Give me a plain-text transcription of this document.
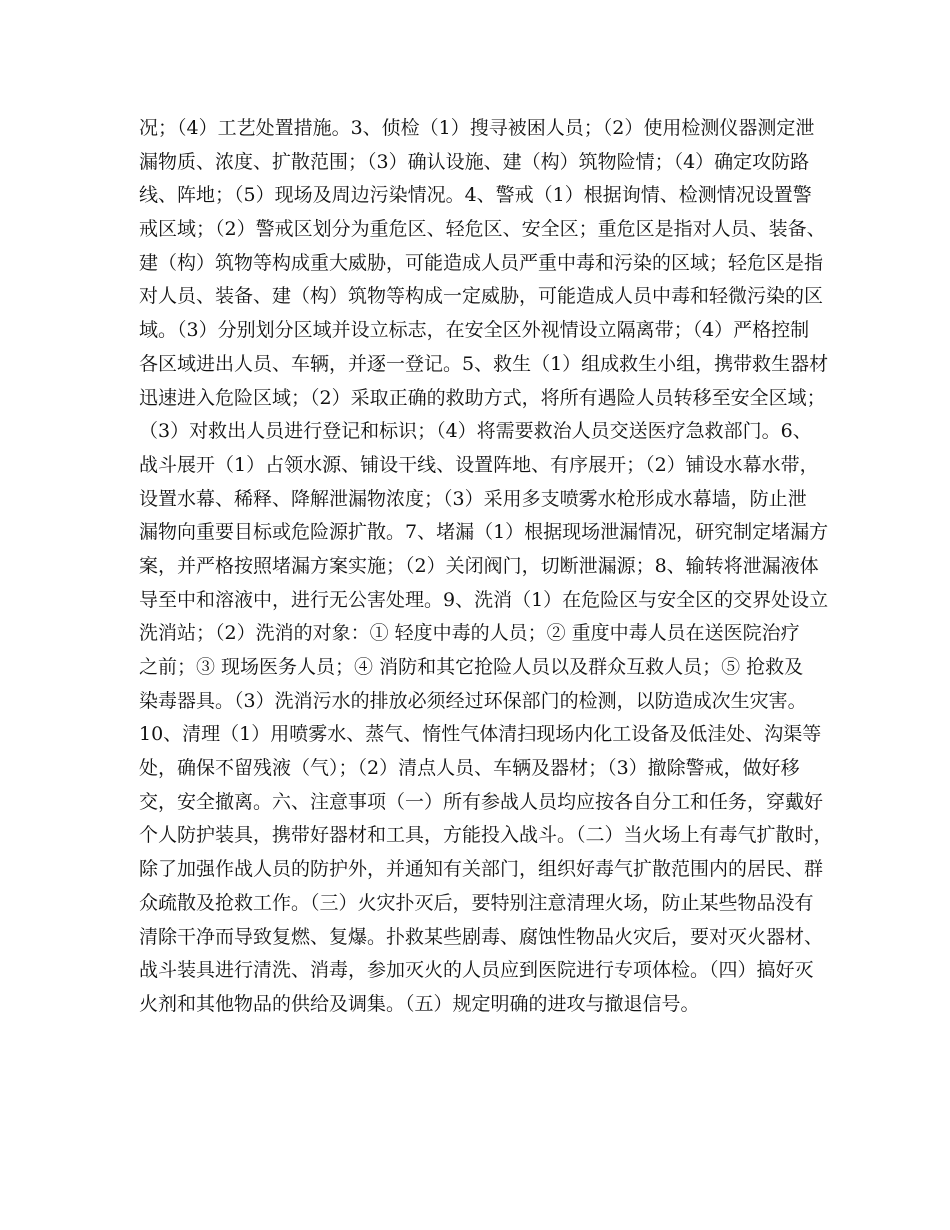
况；（4）工艺处置措施。3、侦检（1）搜寻被困人员；（2）使用检测仪器测定泄
漏物质、浓度、扩散范围；（3）确认设施、建（构）筑物险情；（4）确定攻防路
线、阵地；（5）现场及周边污染情况。4、警戒（1）根据询情、检测情况设置警
戒区域；（2）警戒区划分为重危区、轻危区、安全区；重危区是指对人员、装备、
建（构）筑物等构成重大威胁，可能造成人员严重中毒和污染的区域；轻危区是指
对人员、装备、建（构）筑物等构成一定威胁，可能造成人员中毒和轻微污染的区
域。（3）分别划分区域并设立标志，在安全区外视情设立隔离带；（4）严格控制
各区域进出人员、车辆，并逐一登记。5、救生（1）组成救生小组，携带救生器材
迅速进入危险区域；（2）采取正确的救助方式，将所有遇险人员转移至安全区域；
（3）对救出人员进行登记和标识；（4）将需要救治人员交送医疗急救部门。6、
战斗展开（1）占领水源、铺设干线、设置阵地、有序展开；（2）铺设水幕水带，
设置水幕、稀释、降解泄漏物浓度；（3）采用多支喷雾水枪形成水幕墙，防止泄
漏物向重要目标或危险源扩散。7、堵漏（1）根据现场泄漏情况，研究制定堵漏方
案，并严格按照堵漏方案实施；（2）关闭阀门，切断泄漏源；8、输转将泄漏液体
导至中和溶液中，进行无公害处理。9、洗消（1）在危险区与安全区的交界处设立
洗消站；（2）洗消的对象：① 轻度中毒的人员；② 重度中毒人员在送医院治疗
之前；③ 现场医务人员；④ 消防和其它抢险人员以及群众互救人员；⑤ 抢救及
染毒器具。（3）洗消污水的排放必须经过环保部门的检测，以防造成次生灾害。
10、清理（1）用喷雾水、蒸气、惰性气体清扫现场内化工设备及低洼处、沟渠等
处，确保不留残液（气）；（2）清点人员、车辆及器材；（3）撤除警戒，做好移
交，安全撤离。六、注意事项（一）所有参战人员均应按各自分工和任务，穿戴好
个人防护装具，携带好器材和工具，方能投入战斗。（二）当火场上有毒气扩散时，
除了加强作战人员的防护外，并通知有关部门，组织好毒气扩散范围内的居民、群
众疏散及抢救工作。（三）火灾扑灭后，要特别注意清理火场，防止某些物品没有
清除干净而导致复燃、复爆。扑救某些剧毒、腐蚀性物品火灾后，要对灭火器材、
战斗装具进行清洗、消毒，参加灭火的人员应到医院进行专项体检。（四）搞好灭
火剂和其他物品的供给及调集。（五）规定明确的进攻与撤退信号。
